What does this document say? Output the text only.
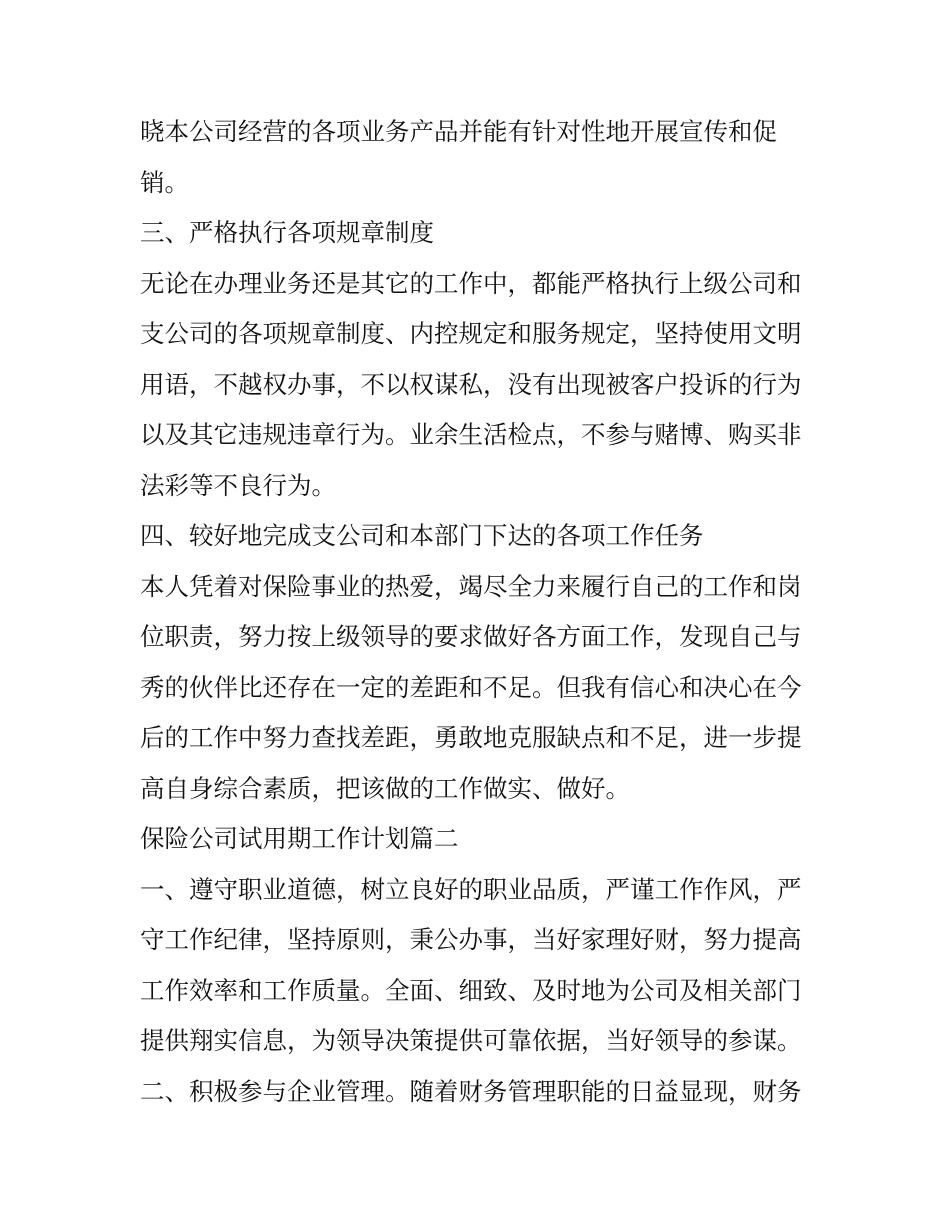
晓本公司经营的各项业务产品并能有针对性地开展宣传和促
销。
三、严格执行各项规章制度
无论在办理业务还是其它的工作中，都能严格执行上级公司和
支公司的各项规章制度、内控规定和服务规定，坚持使用文明
用语，不越权办事，不以权谋私，没有出现被客户投诉的行为
以及其它违规违章行为。业余生活检点，不参与赌博、购买非
法彩等不良行为。
四、较好地完成支公司和本部门下达的各项工作任务
本人凭着对保险事业的热爱，竭尽全力来履行自己的工作和岗
位职责，努力按上级领导的要求做好各方面工作，发现自己与
秀的伙伴比还存在一定的差距和不足。但我有信心和决心在今
后的工作中努力查找差距，勇敢地克服缺点和不足，进一步提
高自身综合素质，把该做的工作做实、做好。
保险公司试用期工作计划篇二
一、遵守职业道德，树立良好的职业品质，严谨工作作风，严
守工作纪律，坚持原则，秉公办事，当好家理好财，努力提高
工作效率和工作质量。全面、细致、及时地为公司及相关部门
提供翔实信息，为领导决策提供可靠依据，当好领导的参谋。
二、积极参与企业管理。随着财务管理职能的日益显现，财务
